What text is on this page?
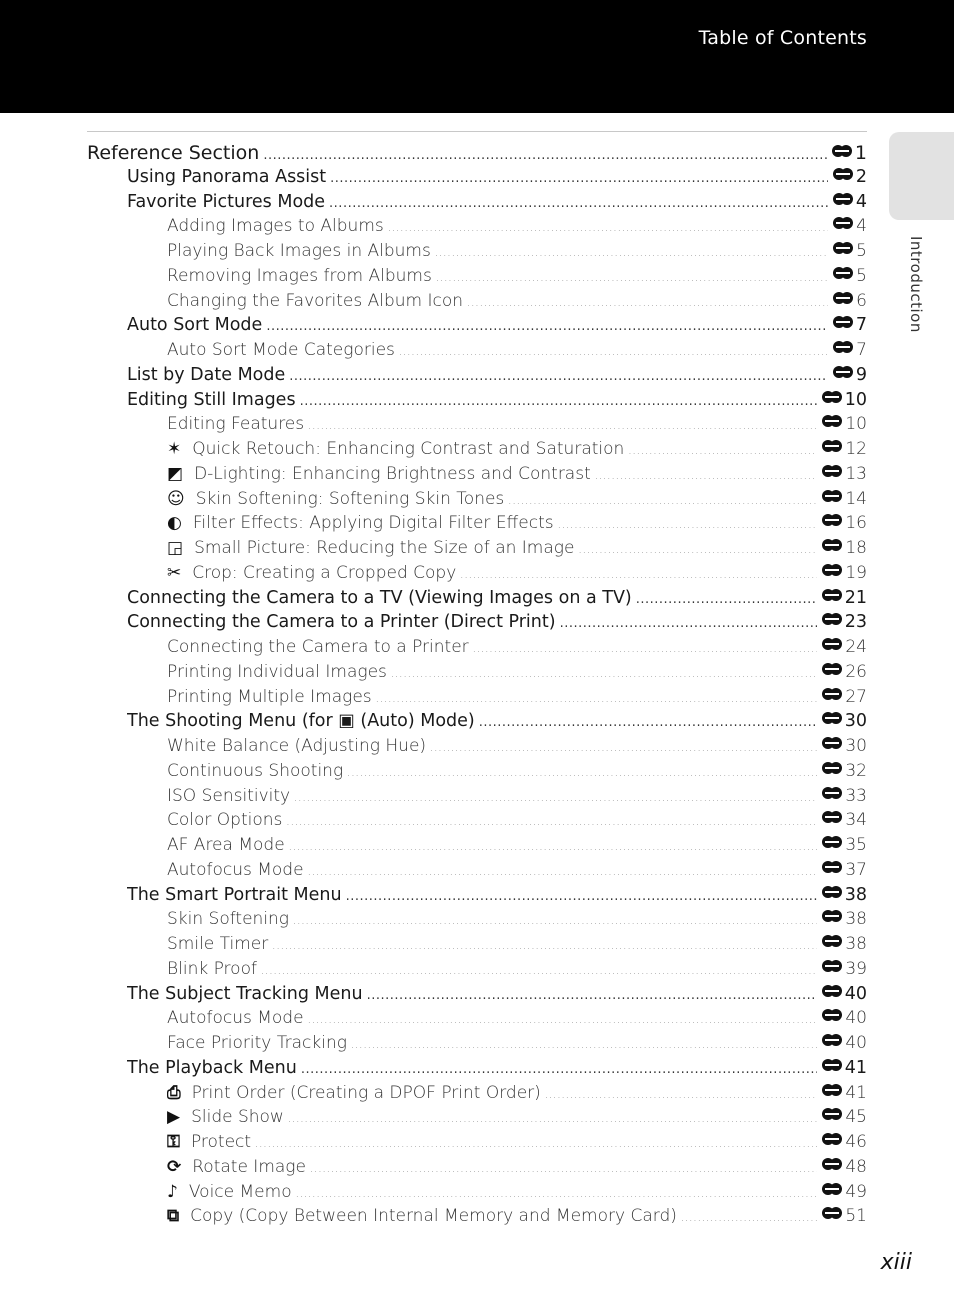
Table of Contents
Introduction
Reference Section .....	1
Using Panorama Assist .....	2
Favorite Pictures Mode .....	4
Adding Images to Albums .....	4
Playing Back Images in Albums .....	5
Removing Images from Albums .....	5
Changing the Favorites Album Icon .....	6
Auto Sort Mode .....	7
Auto Sort Mode Categories .....	7
List by Date Mode .....	9
Editing Still Images .....	10
Editing Features .....	10
✶ Quick Retouch: Enhancing Contrast and Saturation .....	12
◩ D-Lighting: Enhancing Brightness and Contrast .....	13
☺ Skin Softening: Softening Skin Tones .....	14
◐ Filter Effects: Applying Digital Filter Effects .....	16
◲ Small Picture: Reducing the Size of an Image .....	18
✂ Crop: Creating a Cropped Copy .....	19
Connecting the Camera to a TV (Viewing Images on a TV) .....	21
Connecting the Camera to a Printer (Direct Print) .....	23
Connecting the Camera to a Printer .....	24
Printing Individual Images .....	26
Printing Multiple Images .....	27
The Shooting Menu (for ▣ (Auto) Mode) .....	30
White Balance (Adjusting Hue) .....	30
Continuous Shooting .....	32
ISO Sensitivity .....	33
Color Options .....	34
AF Area Mode .....	35
Autofocus Mode .....	37
The Smart Portrait Menu .....	38
Skin Softening .....	38
Smile Timer .....	38
Blink Proof .....	39
The Subject Tracking Menu .....	40
Autofocus Mode .....	40
Face Priority Tracking .....	40
The Playback Menu .....	41
⎙ Print Order (Creating a DPOF Print Order) .....	41
▶ Slide Show .....	45
⚿ Protect .....	46
⟳ Rotate Image .....	48
♪ Voice Memo .....	49
⧉ Copy (Copy Between Internal Memory and Memory Card) .....	51
xiii
